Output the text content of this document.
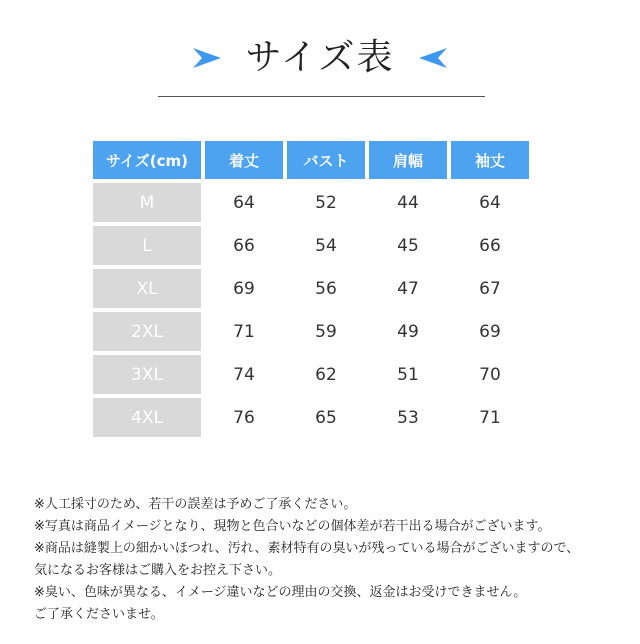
サイズ表
サイズ(cm)	着丈	バスト	肩幅	袖丈
M	64	52	44	64
L	66	54	45	66
XL	69	56	47	67
2XL	71	59	49	69
3XL	74	62	51	70
4XL	76	65	53	71
※人工採寸のため、若干の誤差は予めご了承ください。
※写真は商品イメージとなり、現物と色合いなどの個体差が若干出る場合がございます。
※商品は縫製上の細かいほつれ、汚れ、素材特有の臭いが残っている場合がございますので、
気になるお客様はご購入をお控え下さい。
※臭い、色味が異なる、イメージ違いなどの理由の交換、返金はお受けできません。
ご了承くださいませ。
